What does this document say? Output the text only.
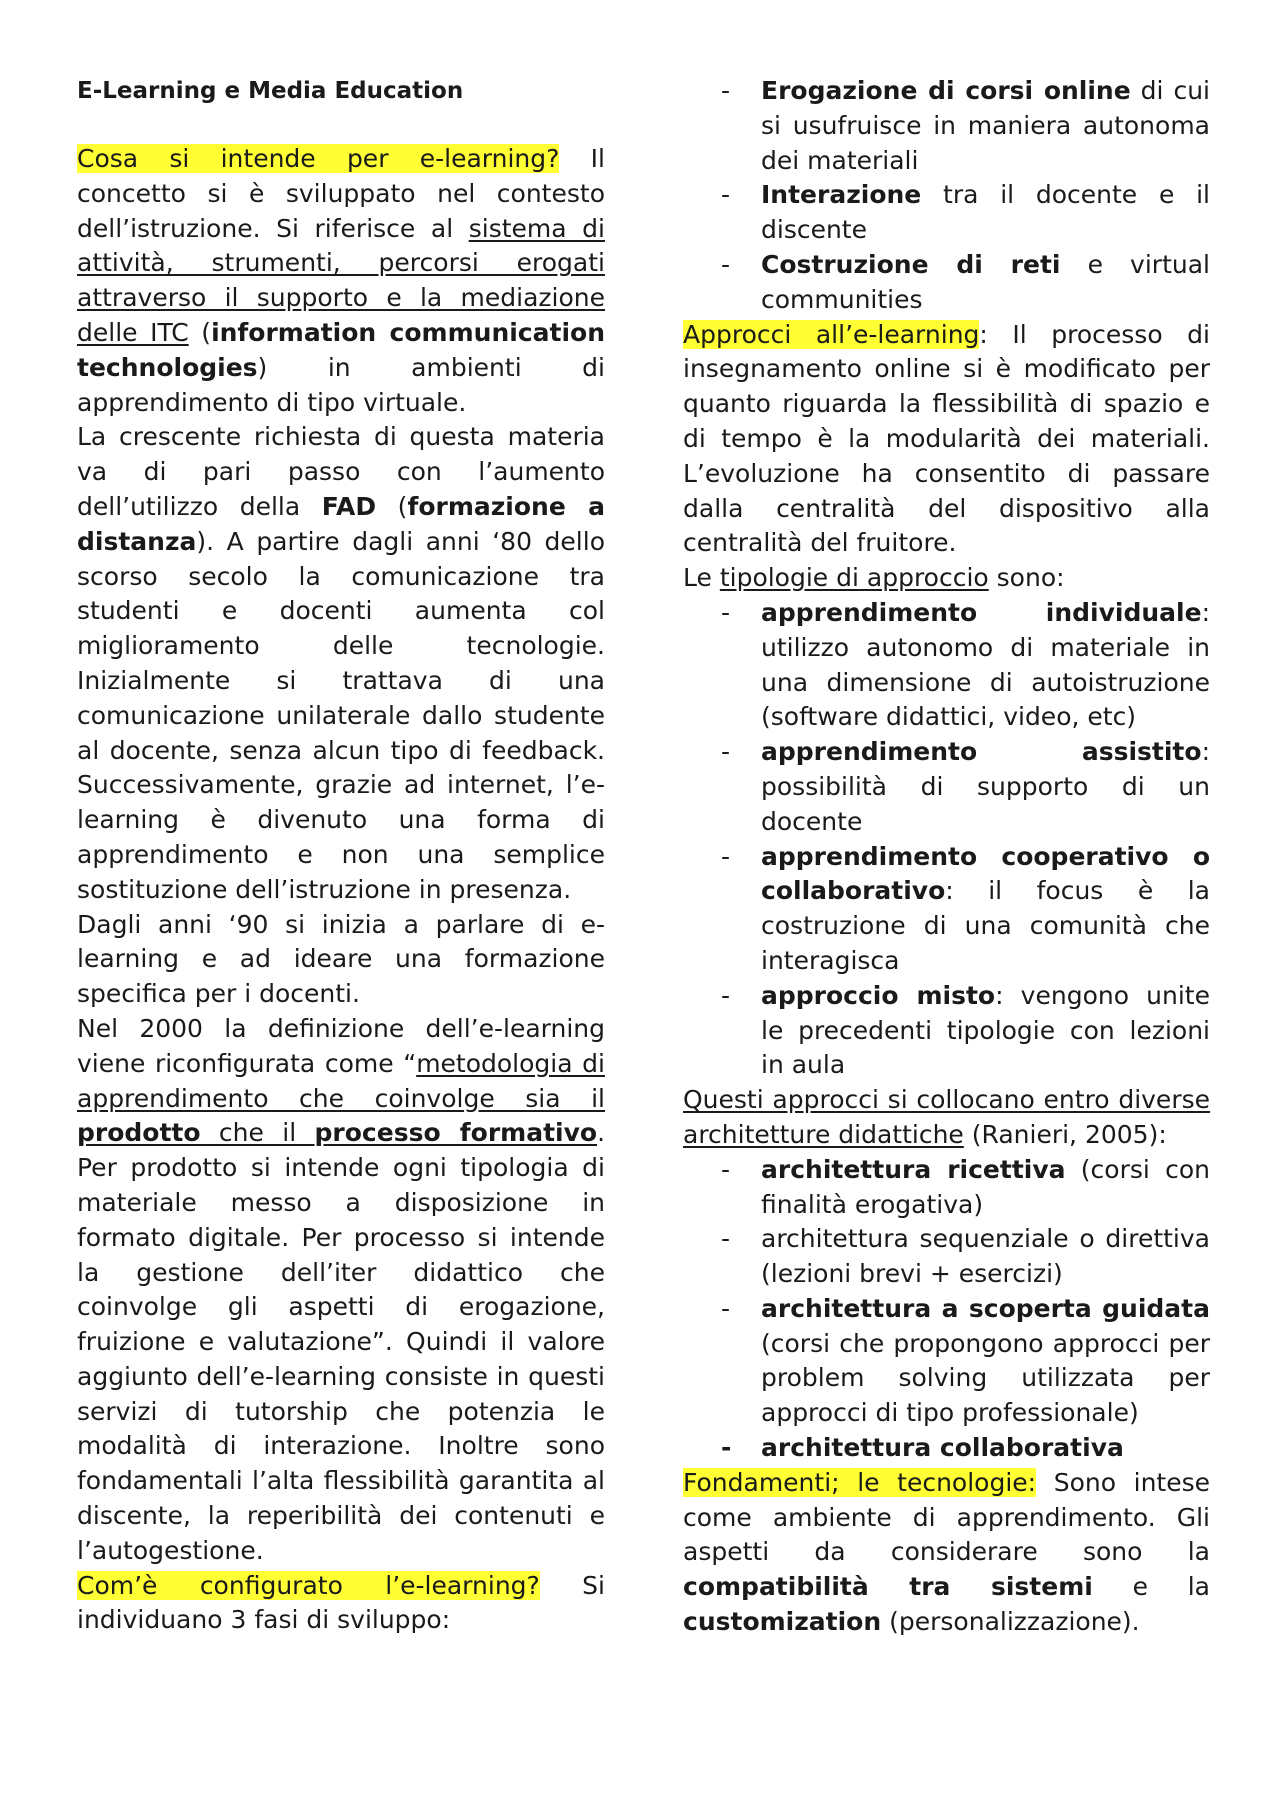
E-Learning e Media Education

Cosa si intende per e-learning? Il concetto si è sviluppato nel contesto dell’istruzione. Si riferisce al sistema di attività, strumenti, percorsi erogati attraverso il supporto e la mediazione delle ITC (information communication technologies) in ambienti di apprendimento di tipo virtuale.

La crescente richiesta di questa materia va di pari passo con l’aumento dell’utilizzo della FAD (formazione a distanza). A partire dagli anni ‘80 dello scorso secolo la comunicazione tra studenti e docenti aumenta col miglioramento delle tecnologie. Inizialmente si trattava di una comunicazione unilaterale dallo studente al docente, senza alcun tipo di feedback. Successivamente, grazie ad internet, l’e-learning è divenuto una forma di apprendimento e non una semplice sostituzione dell’istruzione in presenza.

Dagli anni ‘90 si inizia a parlare di e-learning e ad ideare una formazione specifica per i docenti.

Nel 2000 la definizione dell’e-learning viene riconfigurata come “metodologia di apprendimento che coinvolge sia il prodotto che il processo formativo. Per prodotto si intende ogni tipologia di materiale messo a disposizione in formato digitale. Per processo si intende la gestione dell’iter didattico che coinvolge gli aspetti di erogazione, fruizione e valutazione”. Quindi il valore aggiunto dell’e-learning consiste in questi servizi di tutorship che potenzia le modalità di interazione. Inoltre sono fondamentali l’alta flessibilità garantita al discente, la reperibilità dei contenuti e l’autogestione.

Com’è configurato l’e-learning? Si individuano 3 fasi di sviluppo:

- Erogazione di corsi online di cui si usufruisce in maniera autonoma dei materiali
- Interazione tra il docente e il discente
- Costruzione di reti e virtual communities

Approcci all’e-learning: Il processo di insegnamento online si è modificato per quanto riguarda la flessibilità di spazio e di tempo è la modularità dei materiali. L’evoluzione ha consentito di passare dalla centralità del dispositivo alla centralità del fruitore.

Le tipologie di approccio sono:

- apprendimento individuale: utilizzo autonomo di materiale in una dimensione di autoistruzione (software didattici, video, etc)
- apprendimento assistito: possibilità di supporto di un docente
- apprendimento cooperativo o collaborativo: il focus è la costruzione di una comunità che interagisca
- approccio misto: vengono unite le precedenti tipologie con lezioni in aula

Questi approcci si collocano entro diverse architetture didattiche (Ranieri, 2005):

- architettura ricettiva (corsi con finalità erogativa)
- architettura sequenziale o direttiva (lezioni brevi + esercizi)
- architettura a scoperta guidata (corsi che propongono approcci per problem solving utilizzata per approcci di tipo professionale)
- architettura collaborativa

Fondamenti; le tecnologie: Sono intese come ambiente di apprendimento. Gli aspetti da considerare sono la compatibilità tra sistemi e la customization (personalizzazione).
